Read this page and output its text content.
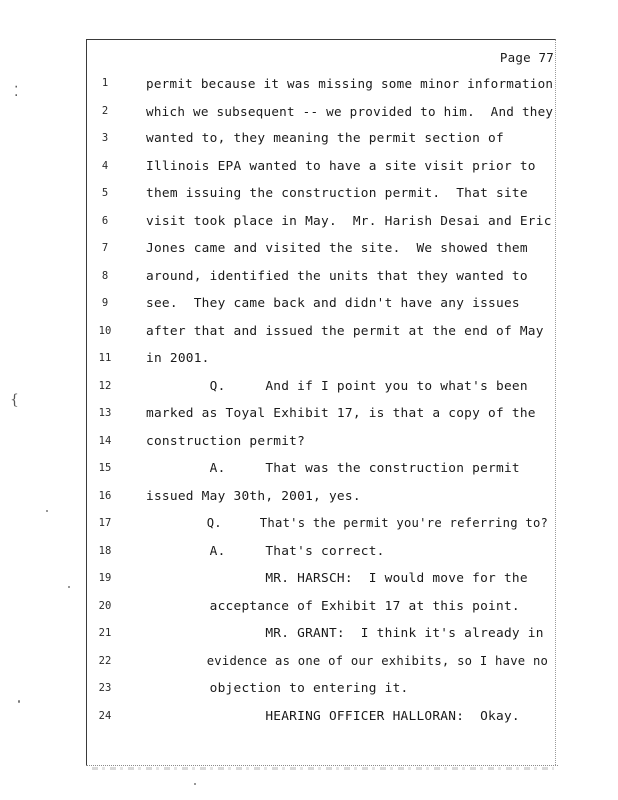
Page 77
1	permit because it was missing some minor information
2	which we subsequent -- we provided to him.  And they
3	wanted to, they meaning the permit section of
4	Illinois EPA wanted to have a site visit prior to
5	them issuing the construction permit.  That site
6	visit took place in May.  Mr. Harish Desai and Eric
7	Jones came and visited the site.  We showed them
8	around, identified the units that they wanted to
9	see.  They came back and didn't have any issues
10	after that and issued the permit at the end of May
11	in 2001.
12	Q.     And if I point you to what's been
13	marked as Toyal Exhibit 17, is that a copy of the
14	construction permit?
15	A.     That was the construction permit
16	issued May 30th, 2001, yes.
17	Q.     That's the permit you're referring to?
18	A.     That's correct.
19	MR. HARSCH:  I would move for the
20	acceptance of Exhibit 17 at this point.
21	MR. GRANT:  I think it's already in
22	evidence as one of our exhibits, so I have no
23	objection to entering it.
24	HEARING OFFICER HALLORAN:  Okay.
⁚
{
